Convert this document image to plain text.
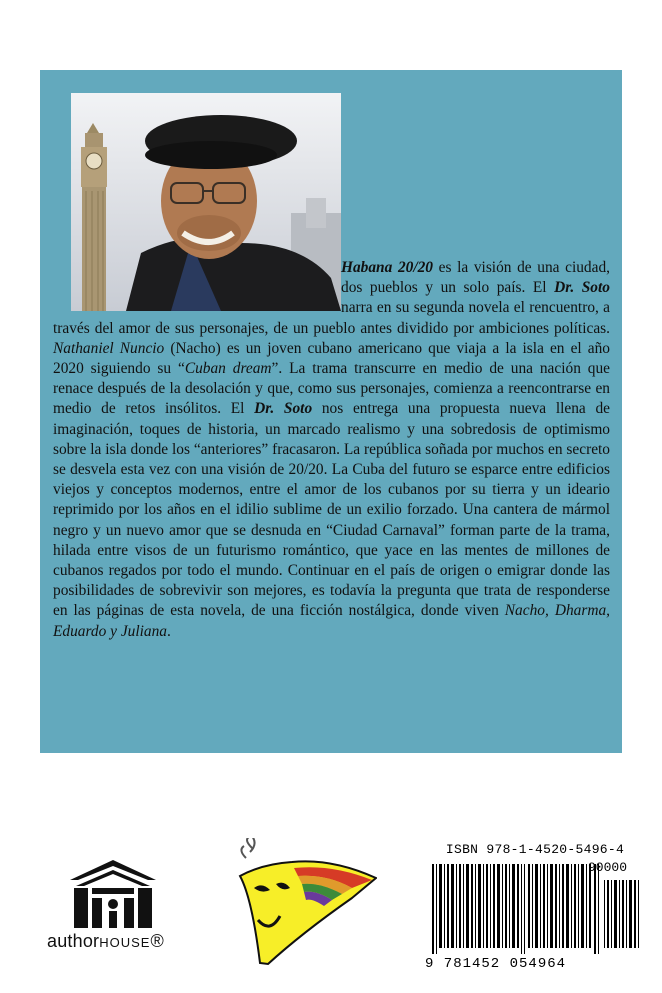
Habana 20/20 es la visión de una ciudad, dos pueblos y un solo país. El Dr. Soto narra en su segunda novela el rencuentro, a través del amor de sus personajes, de un pueblo antes dividido por ambiciones políticas. Nathaniel Nuncio (Nacho) es un joven cubano americano que viaja a la isla en el año 2020 siguiendo su “Cuban dream”. La trama transcurre en medio de una nación que renace después de la desolación y que, como sus personajes, comienza a reencontrarse en medio de retos insólitos. El Dr. Soto nos entrega una propuesta nueva llena de imaginación, toques de historia, un marcado realismo y una sobredosis de optimismo sobre la isla donde los “anteriores” fracasaron. La república soñada por muchos en secreto se desvela esta vez con una visión de 20/20. La Cuba del futuro se esparce entre edificios viejos y conceptos modernos, entre el amor de los cubanos por su tierra y un ideario reprimido por los años en el idilio sublime de un exilio forzado. Una cantera de mármol negro y un nuevo amor que se desnuda en “Ciudad Carnaval” forman parte de la trama, hilada entre visos de un futurismo romántico, que yace en las mentes de millones de cubanos regados por todo el mundo. Continuar en el país de origen o emigrar donde las posibilidades de sobrevivir son mejores, es todavía la pregunta que trata de responderse en las páginas de esta novela, de una ficción nostálgica, donde viven Nacho, Dharma, Eduardo y Juliana.
authorHOUSE®
ISBN 978-1-4520-5496-4
90000
9 781452 054964
